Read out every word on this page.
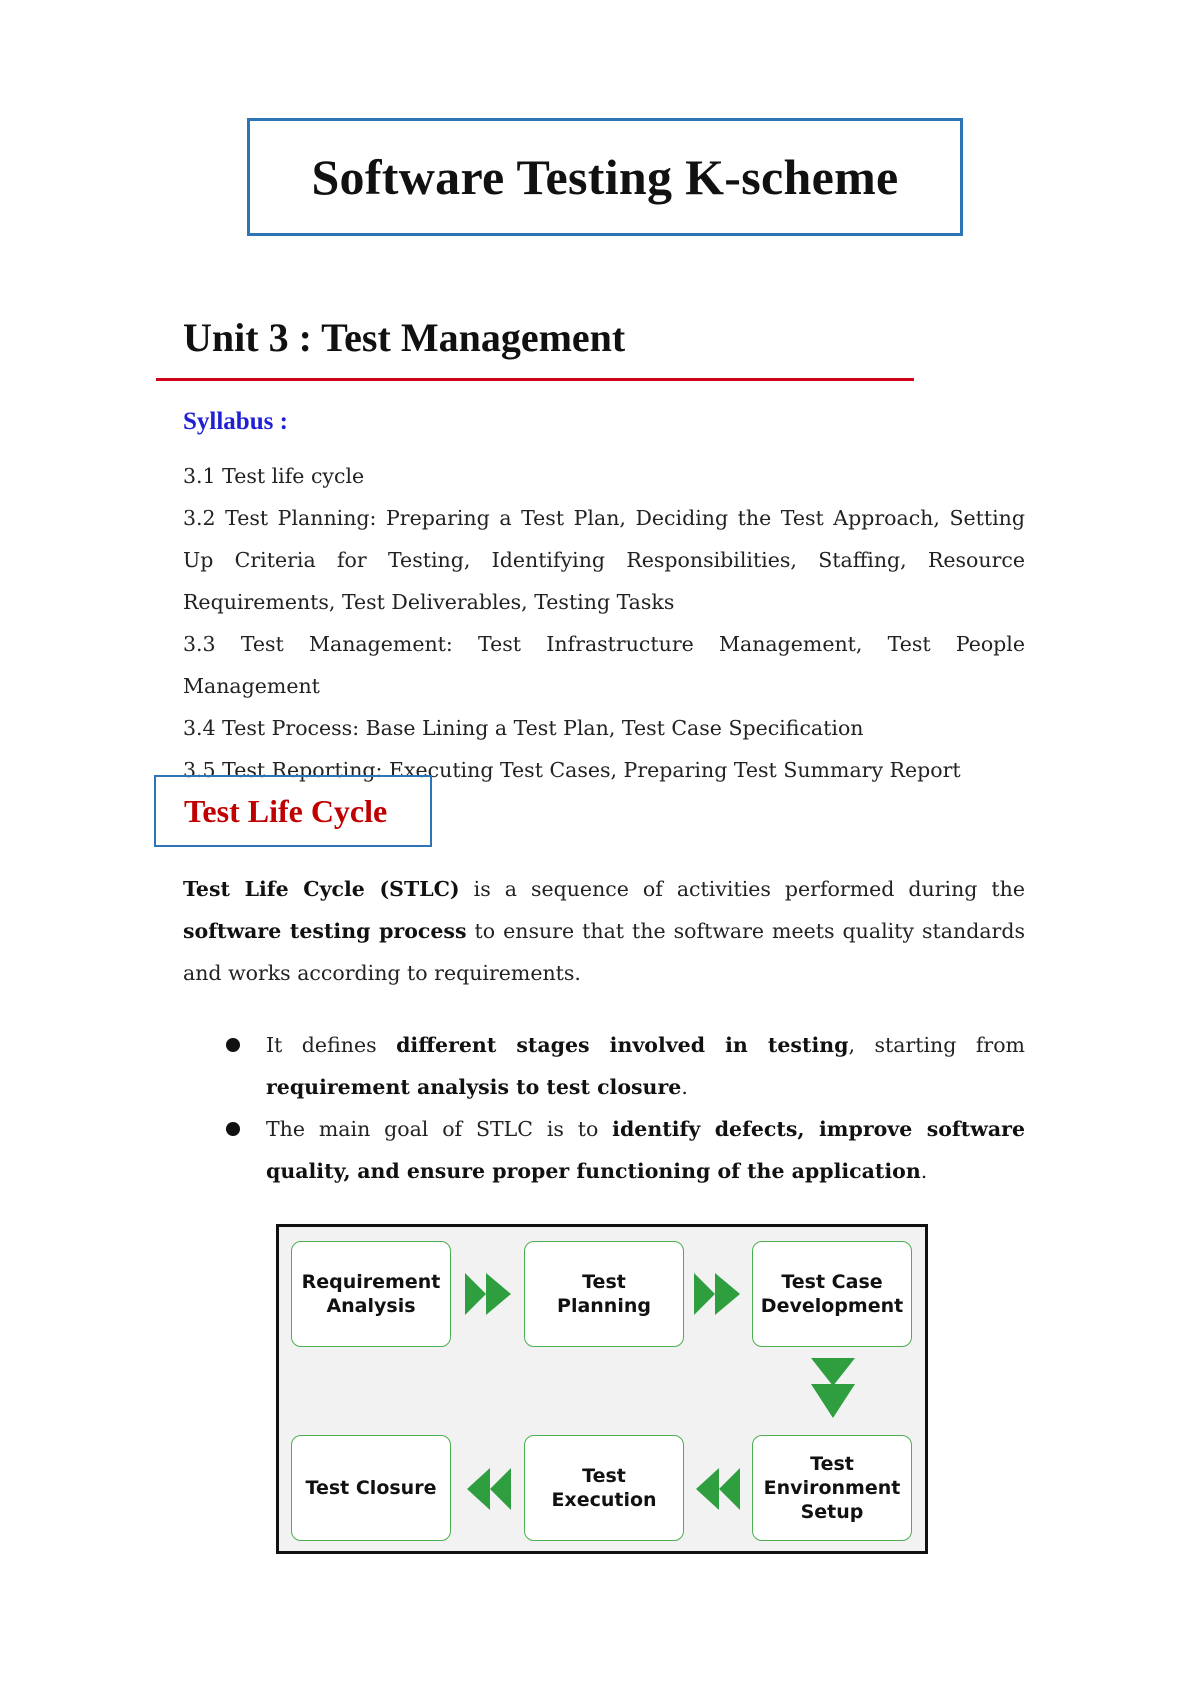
Software Testing K-scheme
Unit 3 : Test Management
Syllabus :

3.1 Test life cycle

3.2 Test Planning: Preparing a Test Plan, Deciding the Test Approach, Setting Up Criteria for Testing, Identifying Responsibilities, Staffing, Resource Requirements, Test Deliverables, Testing Tasks

3.3 Test Management: Test Infrastructure Management, Test People Management

3.4 Test Process: Base Lining a Test Plan, Test Case Specification

3.5 Test Reporting: Executing Test Cases, Preparing Test Summary Report

Test Life Cycle

Test Life Cycle (STLC) is a sequence of activities performed during the software testing process to ensure that the software meets quality standards and works according to requirements.

It defines different stages involved in testing, starting from requirement analysis to test closure.
The main goal of STLC is to identify defects, improve software quality, and ensure proper functioning of the application.
Requirement
Analysis
Test
Planning
Test Case
Development
Test
Environment
Setup
Test
Execution
Test Closure
